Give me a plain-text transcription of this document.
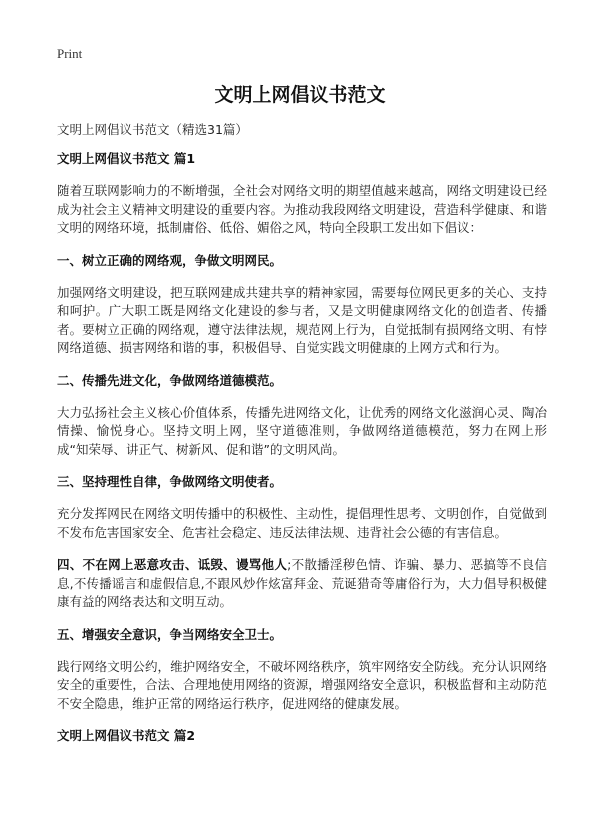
Print
文明上网倡议书范文

文明上网倡议书范文（精选31篇）

文明上网倡议书范文 篇1

随着互联网影响力的不断增强，全社会对网络文明的期望值越来越高，网络文明建设已经成为社会主义精神文明建设的重要内容。为推动我段网络文明建设，营造科学健康、和谐文明的网络环境，抵制庸俗、低俗、媚俗之风，特向全段职工发出如下倡议：

一、树立正确的网络观，争做文明网民。

加强网络文明建设，把互联网建成共建共享的精神家园，需要每位网民更多的关心、支持和呵护。广大职工既是网络文化建设的参与者，又是文明健康网络文化的创造者、传播者。要树立正确的网络观，遵守法律法规，规范网上行为，自觉抵制有损网络文明、有悖网络道德、损害网络和谐的事，积极倡导、自觉实践文明健康的上网方式和行为。

二、传播先进文化，争做网络道德模范。

大力弘扬社会主义核心价值体系，传播先进网络文化，让优秀的网络文化滋润心灵、陶冶情操、愉悦身心。坚持文明上网，坚守道德准则，争做网络道德模范，努力在网上形成“知荣辱、讲正气、树新风、促和谐”的文明风尚。

三、坚持理性自律，争做网络文明使者。

充分发挥网民在网络文明传播中的积极性、主动性，提倡理性思考、文明创作，自觉做到不发布危害国家安全、危害社会稳定、违反法律法规、违背社会公德的有害信息。

四、不在网上恶意攻击、诋毁、谩骂他人;不散播淫秽色情、诈骗、暴力、恶搞等不良信息,不传播谣言和虚假信息,不跟风炒作炫富拜金、荒诞猎奇等庸俗行为，大力倡导积极健康有益的网络表达和文明互动。

五、增强安全意识，争当网络安全卫士。

践行网络文明公约，维护网络安全，不破坏网络秩序，筑牢网络安全防线。充分认识网络安全的重要性，合法、合理地使用网络的资源，增强网络安全意识，积极监督和主动防范不安全隐患，维护正常的网络运行秩序，促进网络的健康发展。

文明上网倡议书范文 篇2
